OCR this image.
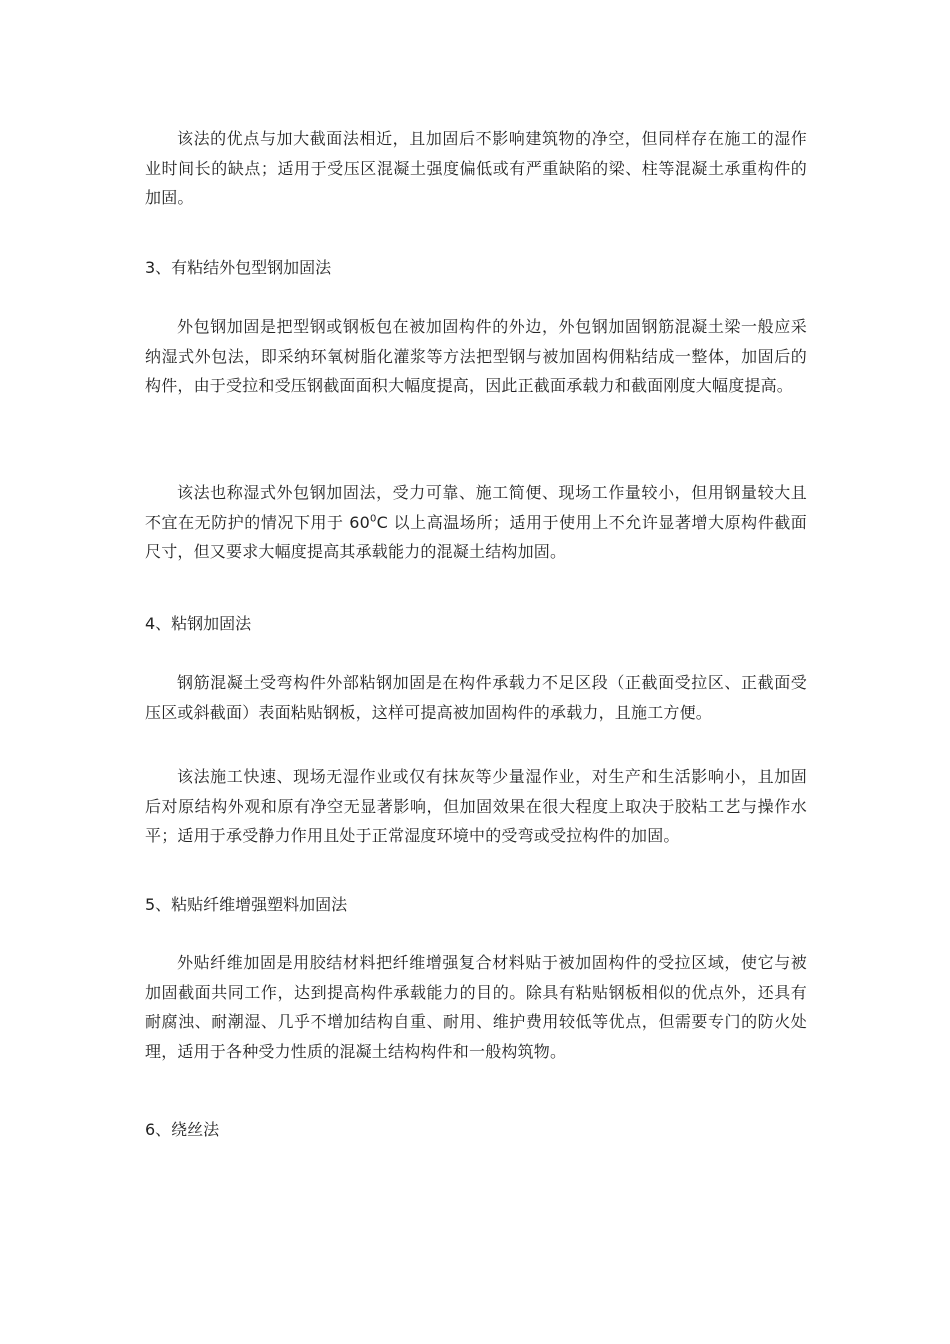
该法的优点与加大截面法相近，且加固后不影响建筑物的净空，但同样存在施工的湿作业时间长的缺点；适用于受压区混凝土强度偏低或有严重缺陷的梁、柱等混凝土承重构件的加固。

3、有粘结外包型钢加固法

外包钢加固是把型钢或钢板包在被加固构件的外边，外包钢加固钢筋混凝土梁一般应采纳湿式外包法，即采纳环氧树脂化灌浆等方法把型钢与被加固构佣粘结成一整体，加固后的构件，由于受拉和受压钢截面面积大幅度提高，因此正截面承载力和截面刚度大幅度提高。

该法也称湿式外包钢加固法，受力可靠、施工简便、现场工作量较小，但用钢量较大且不宜在无防护的情况下用于 $60^0C$ 以上高温场所；适用于使用上不允许显著增大原构件截面尺寸，但又要求大幅度提高其承载能力的混凝土结构加固。

4、粘钢加固法

钢筋混凝土受弯构件外部粘钢加固是在构件承载力不足区段（正截面受拉区、正截面受压区或斜截面）表面粘贴钢板，这样可提高被加固构件的承载力，且施工方便。

该法施工快速、现场无湿作业或仅有抹灰等少量湿作业，对生产和生活影响小，且加固后对原结构外观和原有净空无显著影响，但加固效果在很大程度上取决于胶粘工艺与操作水平；适用于承受静力作用且处于正常湿度环境中的受弯或受拉构件的加固。

5、粘贴纤维增强塑料加固法

外贴纤维加固是用胶结材料把纤维增强复合材料贴于被加固构件的受拉区域，使它与被加固截面共同工作，达到提高构件承载能力的目的。除具有粘贴钢板相似的优点外，还具有耐腐浊、耐潮湿、几乎不增加结构自重、耐用、维护费用较低等优点，但需要专门的防火处理，适用于各种受力性质的混凝土结构构件和一般构筑物。

6、绕丝法
